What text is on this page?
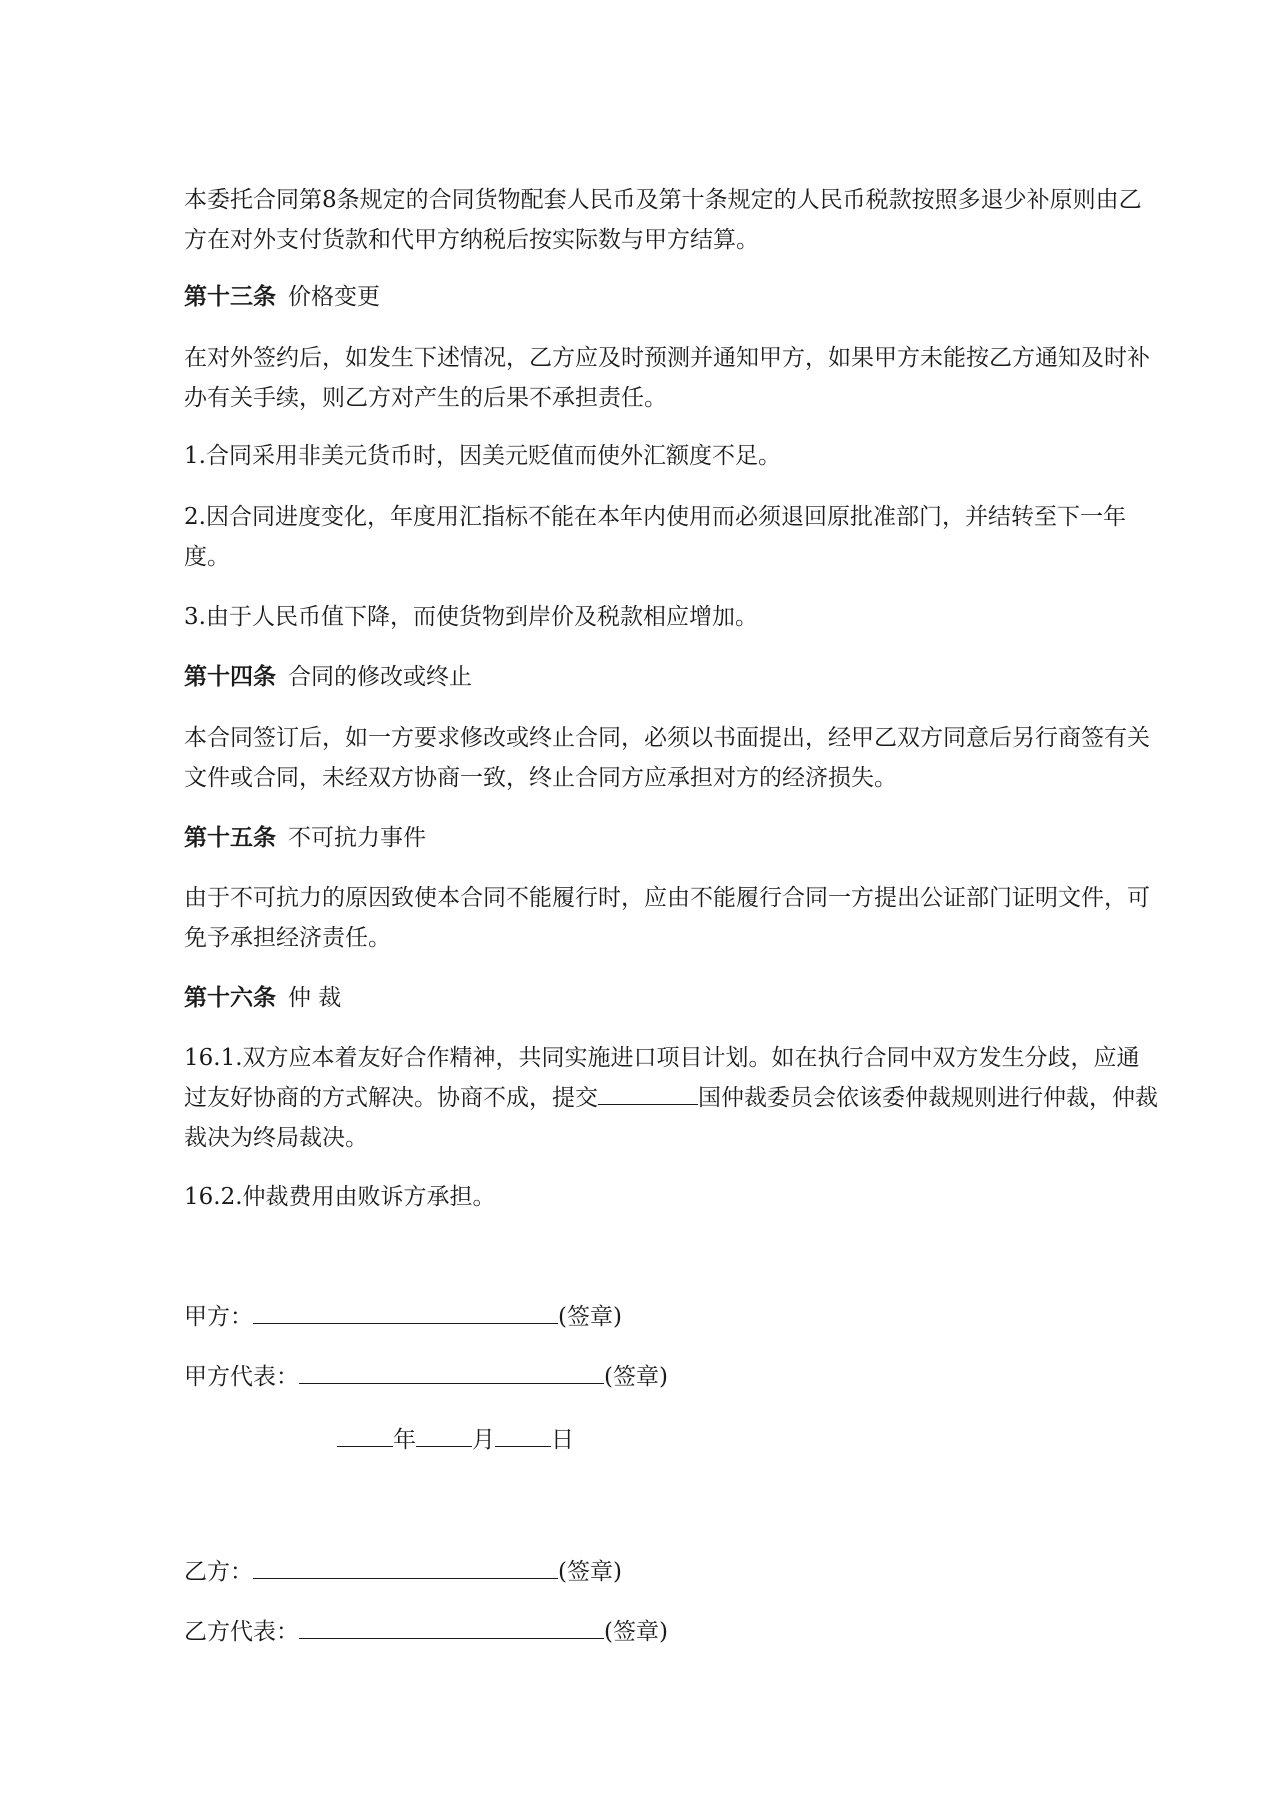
本委托合同第8条规定的合同货物配套人民币及第十条规定的人民币税款按照多退少补原则由乙方在对外支付货款和代甲方纳税后按实际数与甲方结算。

第十三条 价格变更

在对外签约后，如发生下述情况，乙方应及时预测并通知甲方，如果甲方未能按乙方通知及时补办有关手续，则乙方对产生的后果不承担责任。

1.合同采用非美元货币时，因美元贬值而使外汇额度不足。

2.因合同进度变化，年度用汇指标不能在本年内使用而必须退回原批准部门，并结转至下一年度。

3.由于人民币值下降，而使货物到岸价及税款相应增加。

第十四条 合同的修改或终止

本合同签订后，如一方要求修改或终止合同，必须以书面提出，经甲乙双方同意后另行商签有关文件或合同，未经双方协商一致，终止合同方应承担对方的经济损失。

第十五条 不可抗力事件

由于不可抗力的原因致使本合同不能履行时，应由不能履行合同一方提出公证部门证明文件，可免予承担经济责任。

第十六条 仲 裁

16.1.双方应本着友好合作精神，共同实施进口项目计划。如在执行合同中双方发生分歧，应通过友好协商的方式解决。协商不成，提交	国仲裁委员会依该委仲裁规则进行仲裁，仲裁裁决为终局裁决。

16.2.仲裁费用由败诉方承担。

甲方：	(签章)

甲方代表：	(签章)

年 月 日

乙方：	(签章)

乙方代表：	(签章)
